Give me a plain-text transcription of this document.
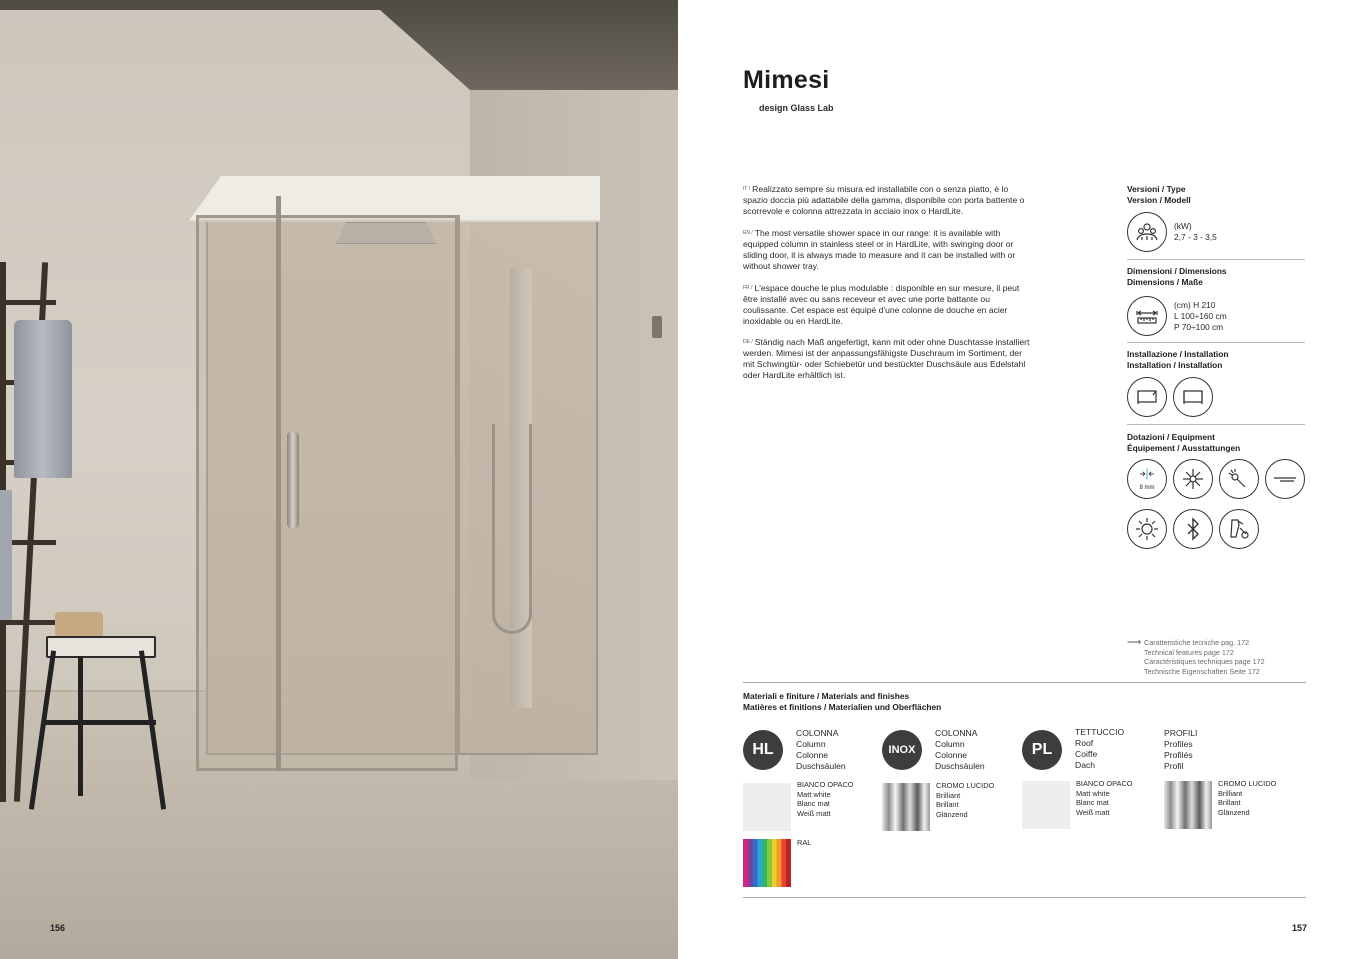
156
Mimesi
design Glass Lab
$^{IT /}$ Realizzato sempre su misura ed installabile con o senza piatto, è lo spazio doccia più adattabile della gamma, disponibile con porta battente o scorrevole e colonna attrezzata in acciaio inox o HardLite.
$^{EN /}$ The most versatile shower space in our range: it is available with equipped column in stainless steel or in HardLite, with swinging door or sliding door, it is always made to measure and it can be installed with or without shower tray.
$^{FR /}$ L'espace douche le plus modulable : disponible en sur mesure, il peut être installé avec ou sans receveur et avec une porte battante ou coulissante. Cet espace est équipé d'une colonne de douche en acier inoxidable ou en HardLite.
$^{DE /}$ Ständig nach Maß angefertigt, kann mit oder ohne Duschtasse installiert werden. Mimesi ist der anpassungsfähigste Duschraum im Sortiment, der mit Schwingtür- oder Schiebetür und bestückter Duschsäule aus Edelstahl oder HardLite erhältlich ist.
Versioni / Type
Version / Modell
(kW)
2,7 - 3 - 3,5
Dimensioni / Dimensions
Dimensions / Maße
(cm) H 210
L 100÷160 cm
P 70÷100 cm
Installazione / Installation
Installation / Installation
Dotazioni / Equipment
Équipement / Ausstattungen
8 mm
⟶ Caratteristiche tecniche pag. 172
Technical features page 172
Caractéristiques techniques page 172
Technische Eigenschaften Seite 172
Materiali e finiture / Materials and finishes
Matières et finitions / Materialien und Oberflächen
HL
COLONNA
Column
Colonne
Duschsäulen
INOX
COLONNA
Column
Colonne
Duschsäulen
PL
TETTUCCIO
Roof
Coiffe
Dach
PROFILI
Profiles
Profilés
Profil
BIANCO OPACO
Matt white
Blanc mat
Weiß matt
CROMO LUCIDO
Brilliant
Brillant
Glänzend
BIANCO OPACO
Matt white
Blanc mat
Weiß matt
CROMO LUCIDO
Brilliant
Brillant
Glänzend
RAL
157
